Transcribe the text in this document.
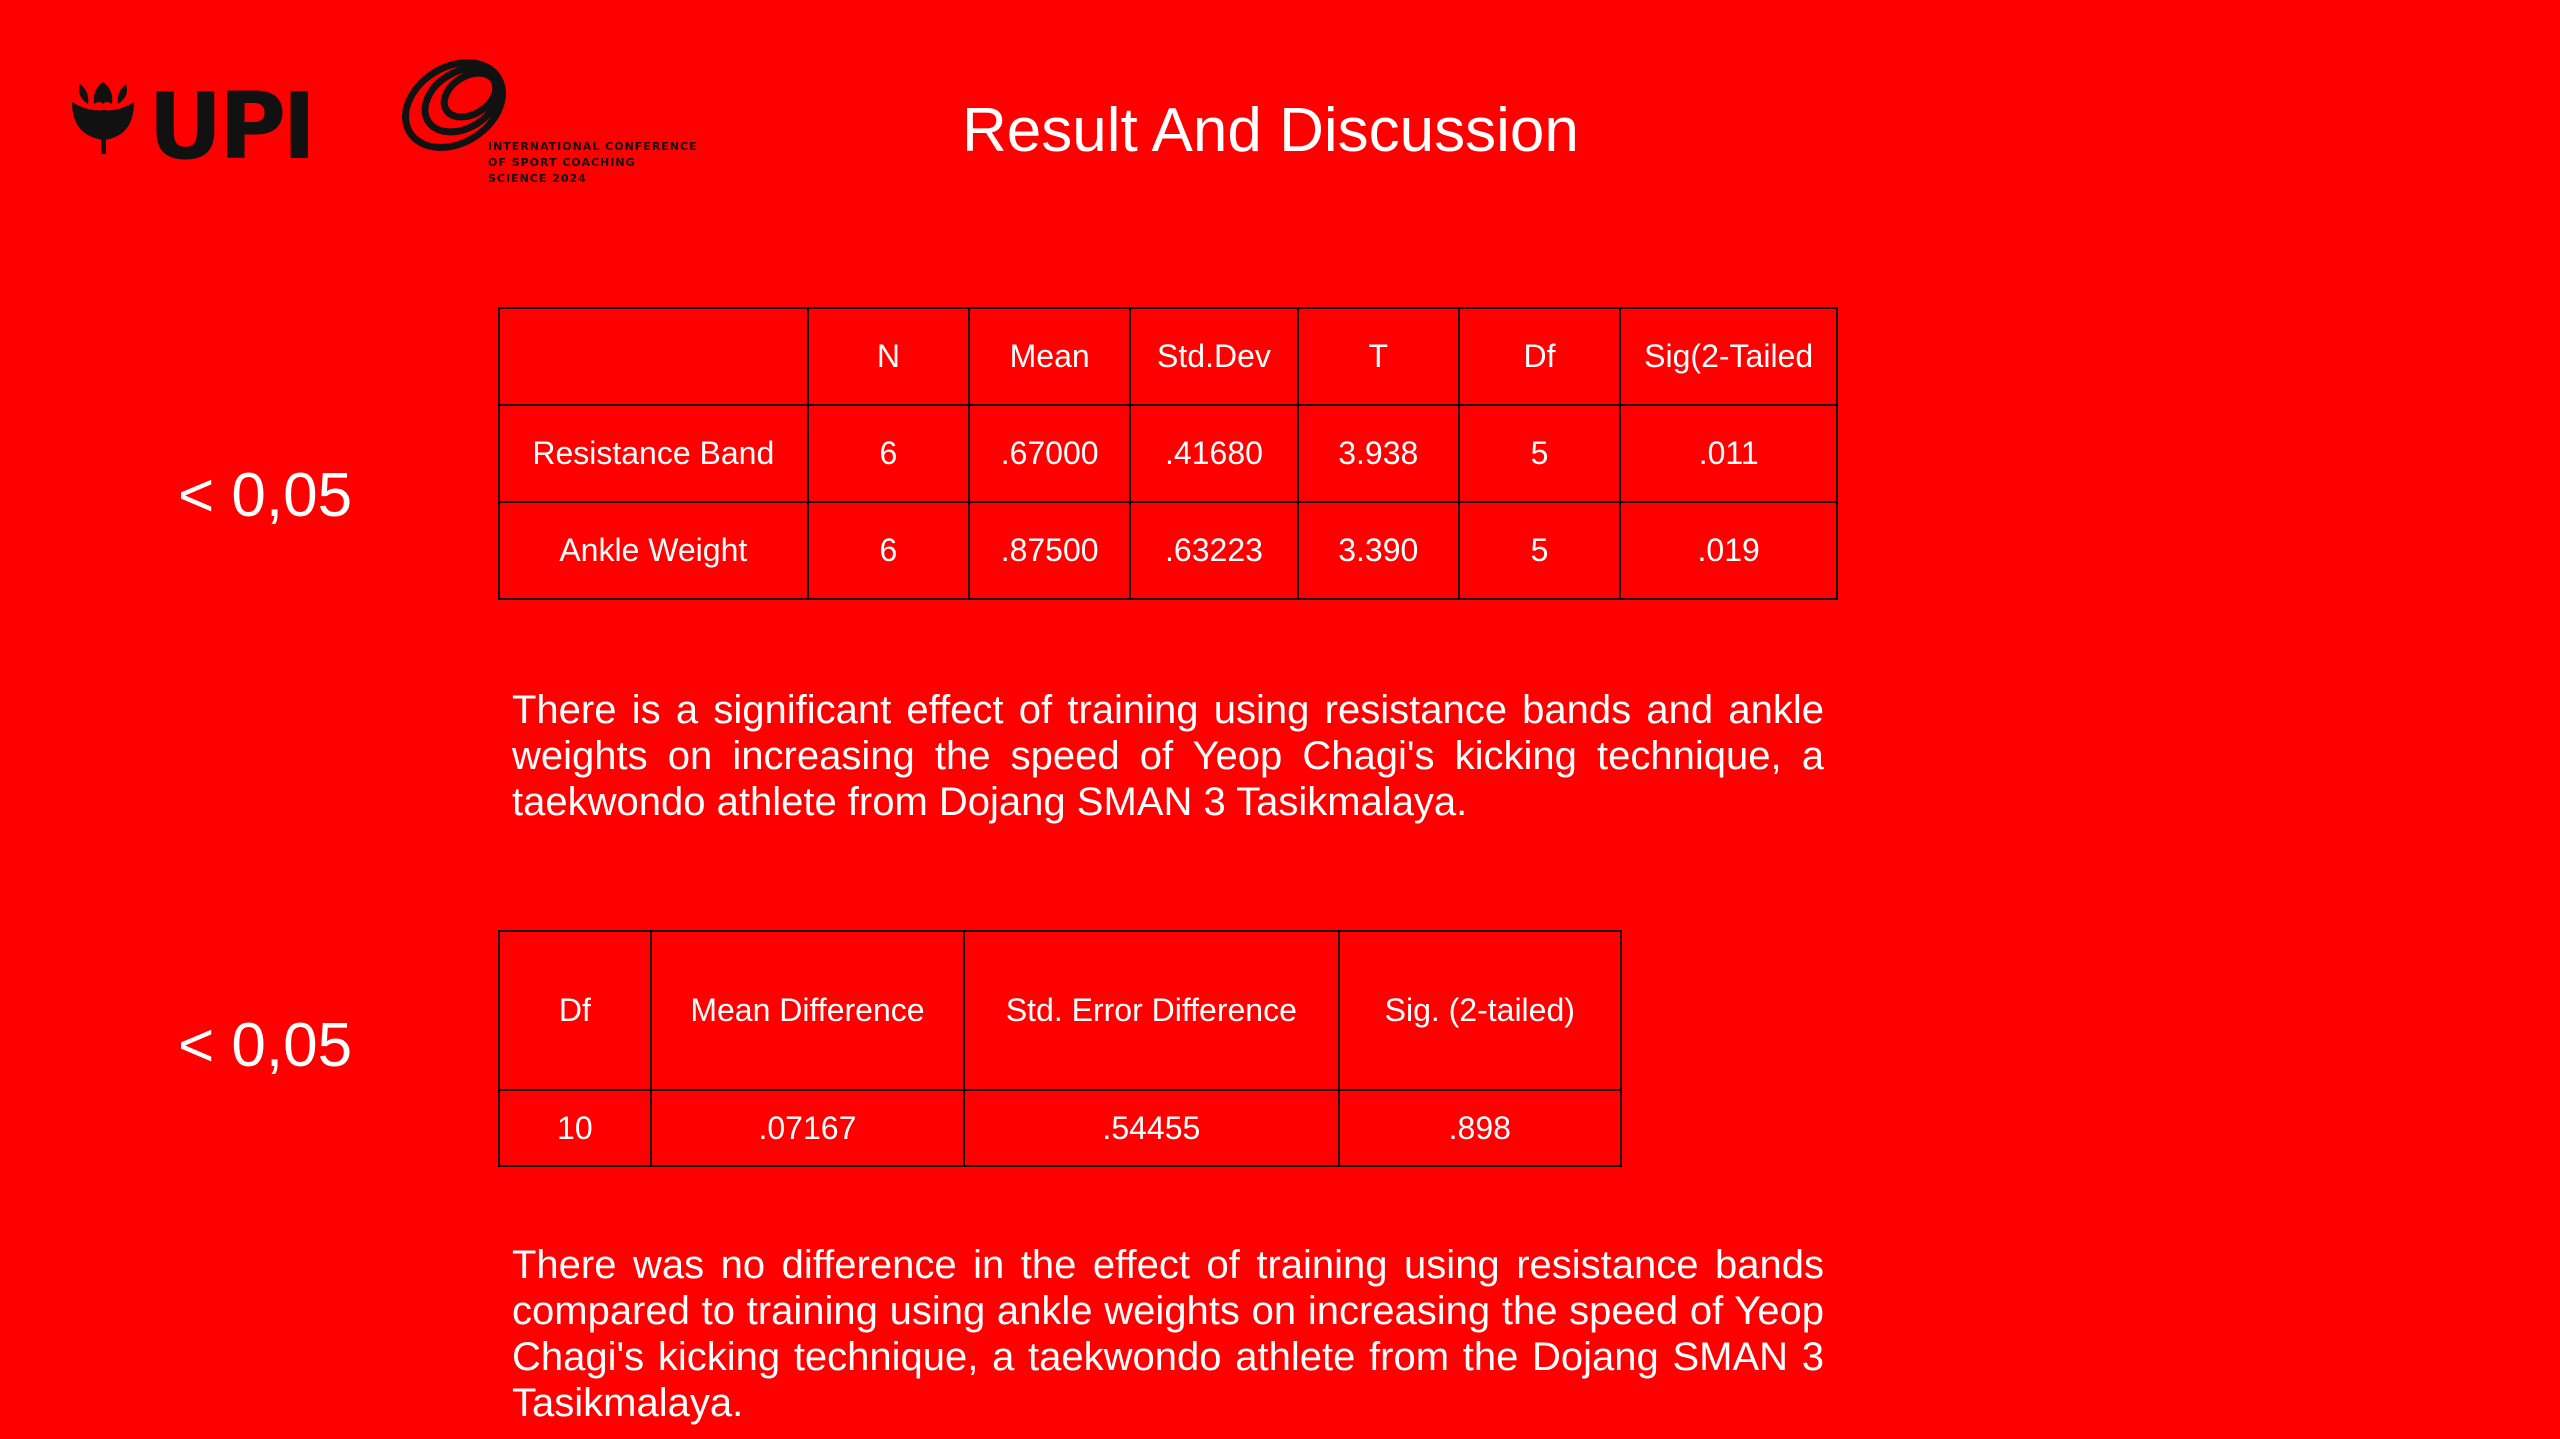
UPI	INTERNATIONAL CONFERENCE
OF SPORT COACHING
SCIENCE 2024
Result And Discussion
< 0,05
< 0,05
	N	Mean	Std.Dev	T	Df	Sig(2-Tailed
Resistance Band	6	.67000	.41680	3.938	5	.011
Ankle Weight	6	.87500	.63223	3.390	5	.019

There is a significant effect of training using resistance bands and ankle weights on increasing the speed of Yeop Chagi's kicking technique, a taekwondo athlete from Dojang SMAN 3 Tasikmalaya.

Df	Mean Difference	Std. Error Difference	Sig. (2-tailed)
10	.07167	.54455	.898

There was no difference in the effect of training using resistance bands compared to training using ankle weights on increasing the speed of Yeop Chagi's kicking technique, a taekwondo athlete from the Dojang SMAN 3 Tasikmalaya.
